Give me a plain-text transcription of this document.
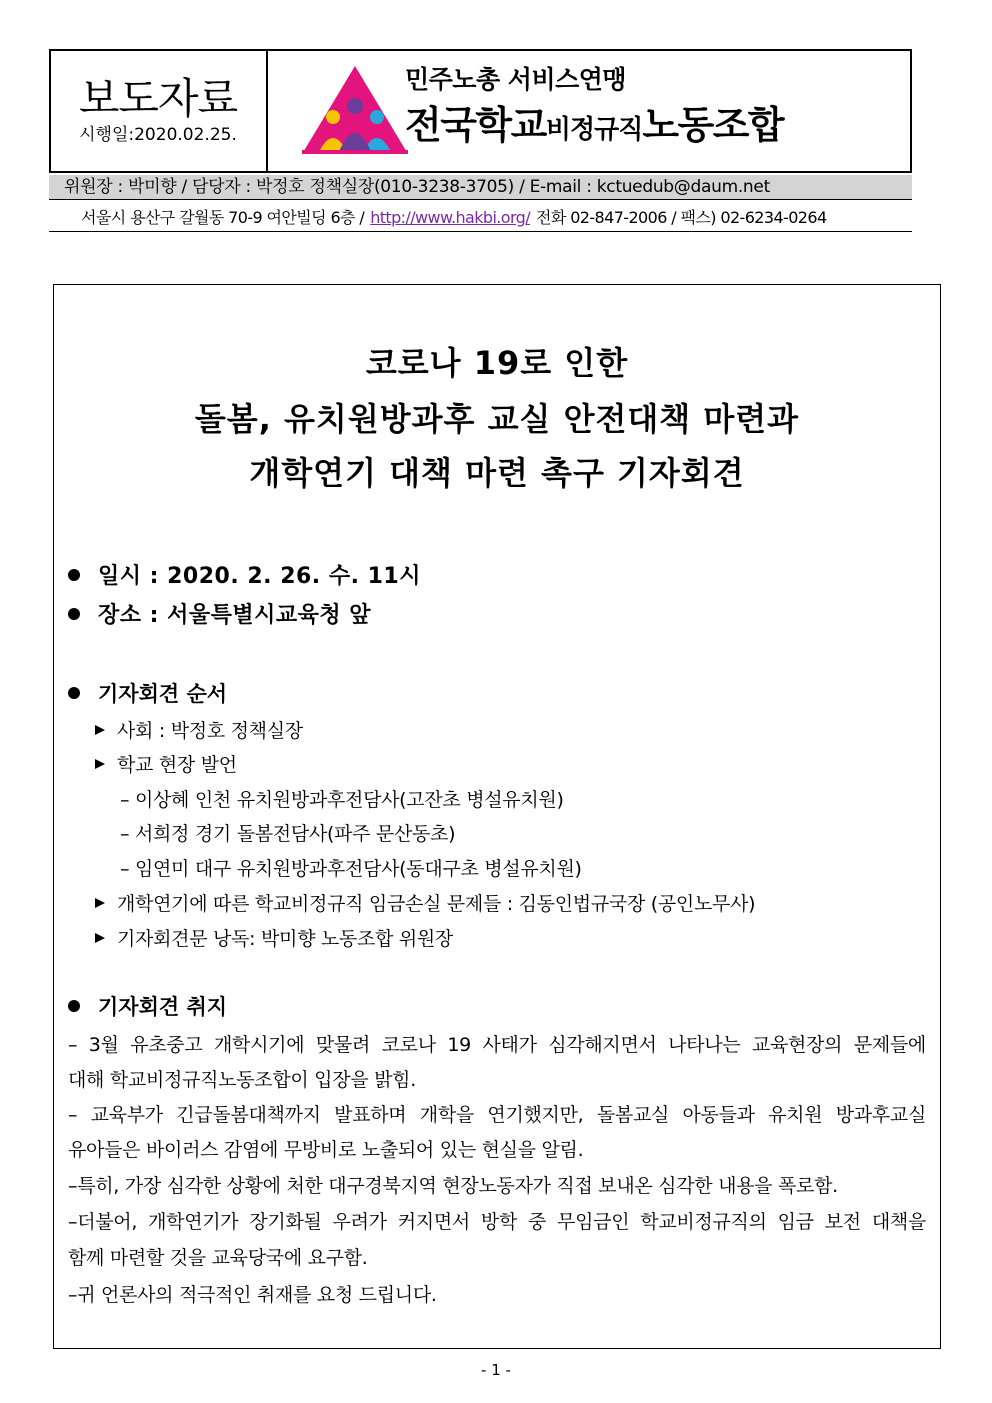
보도자료
시행일:2020.02.25.
민주노총 서비스연맹
전국학교비정규직노동조합
위원장 : 박미향 / 담당자 : 박정호 정책실장(010-3238-3705) / E-mail : kctuedub@daum.net
서울시 용산구 갈월동 70-9 여안빌딩 6층 / http://www.hakbi.org/ 전화 02-847-2006 / 팩스) 02-6234-0264
코로나 19로 인한
돌봄, 유치원방과후 교실 안전대책 마련과
개학연기 대책 마련 촉구 기자회견
일시 : 2020. 2. 26. 수. 11시
장소 : 서울특별시교육청 앞
기자회견 순서
사회 : 박정호 정책실장
학교 현장 발언
– 이상혜 인천 유치원방과후전담사(고잔초 병설유치원)
– 서희정 경기 돌봄전담사(파주 문산동초)
– 임연미 대구 유치원방과후전담사(동대구초 병설유치원)
개학연기에 따른 학교비정규직 임금손실 문제들 : 김동인법규국장 (공인노무사)
기자회견문 낭독: 박미향 노동조합 위원장
기자회견 취지
– 3월 유초중고 개학시기에 맞물려 코로나 19 사태가 심각해지면서 나타나는 교육현장의 문제들에
대해 학교비정규직노동조합이 입장을 밝힘.
– 교육부가 긴급돌봄대책까지 발표하며 개학을 연기했지만, 돌봄교실 아동들과 유치원 방과후교실
유아들은 바이러스 감염에 무방비로 노출되어 있는 현실을 알림.
–특히, 가장 심각한 상황에 처한 대구경북지역 현장노동자가 직접 보내온 심각한 내용을 폭로함.
–더불어, 개학연기가 장기화될 우려가 커지면서 방학 중 무임금인 학교비정규직의 임금 보전 대책을
함께 마련할 것을 교육당국에 요구함.
–귀 언론사의 적극적인 취재를 요청 드립니다.
- 1 -
